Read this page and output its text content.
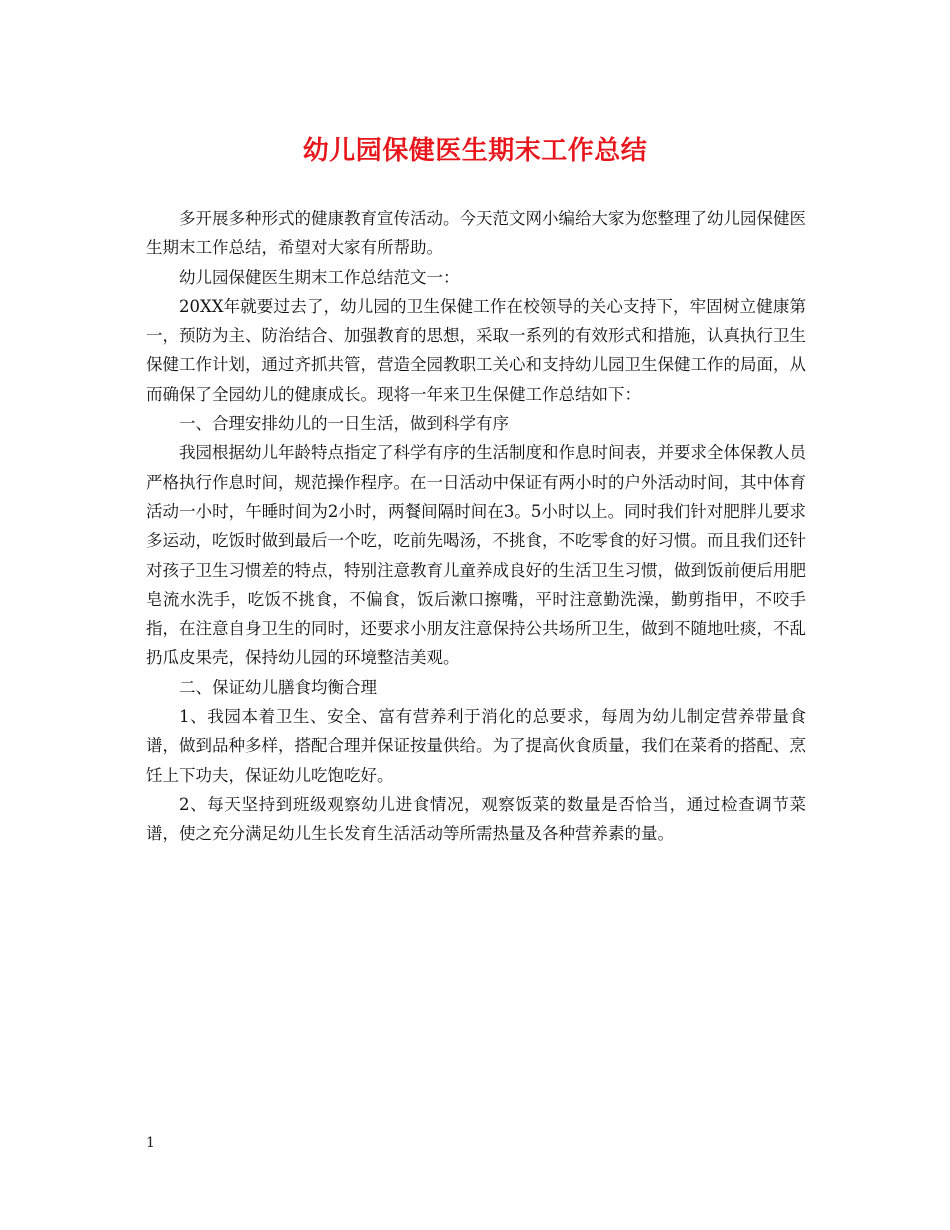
幼儿园保健医生期末工作总结

多开展多种形式的健康教育宣传活动。今天范文网小编给大家为您整理了幼儿园保健医生期末工作总结，希望对大家有所帮助。

幼儿园保健医生期末工作总结范文一：

20XX年就要过去了，幼儿园的卫生保健工作在校领导的关心支持下，牢固树立健康第一，预防为主、防治结合、加强教育的思想，采取一系列的有效形式和措施，认真执行卫生保健工作计划，通过齐抓共管，营造全园教职工关心和支持幼儿园卫生保健工作的局面，从而确保了全园幼儿的健康成长。现将一年来卫生保健工作总结如下：

一、合理安排幼儿的一日生活，做到科学有序

我园根据幼儿年龄特点指定了科学有序的生活制度和作息时间表，并要求全体保教人员严格执行作息时间，规范操作程序。在一日活动中保证有两小时的户外活动时间，其中体育活动一小时，午睡时间为2小时，两餐间隔时间在3。5小时以上。同时我们针对肥胖儿要求多运动，吃饭时做到最后一个吃，吃前先喝汤，不挑食，不吃零食的好习惯。而且我们还针对孩子卫生习惯差的特点，特别注意教育儿童养成良好的生活卫生习惯，做到饭前便后用肥皂流水洗手，吃饭不挑食，不偏食，饭后漱口擦嘴，平时注意勤洗澡，勤剪指甲，不咬手指，在注意自身卫生的同时，还要求小朋友注意保持公共场所卫生，做到不随地吐痰，不乱扔瓜皮果壳，保持幼儿园的环境整洁美观。

二、保证幼儿膳食均衡合理

1、我园本着卫生、安全、富有营养利于消化的总要求，每周为幼儿制定营养带量食谱，做到品种多样，搭配合理并保证按量供给。为了提高伙食质量，我们在菜肴的搭配、烹饪上下功夫，保证幼儿吃饱吃好。

2、每天坚持到班级观察幼儿进食情况，观察饭菜的数量是否恰当，通过检查调节菜谱，使之充分满足幼儿生长发育生活活动等所需热量及各种营养素的量。

1
